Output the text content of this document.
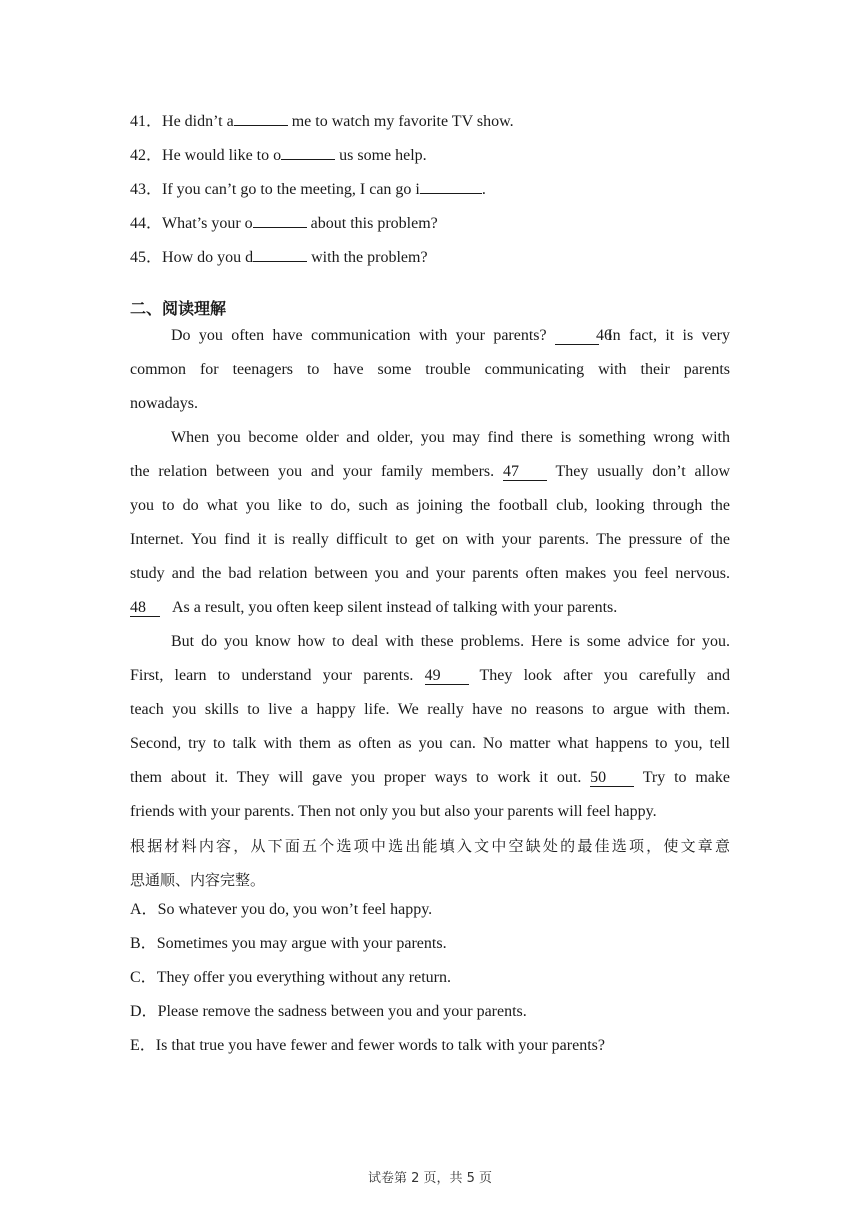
41．He didn’t a	me to watch my favorite TV show.
42．He would like to o	us some help.
43．If you can’t go to the meeting, I can go i	.
44．What’s your o	about this problem?
45．How do you d	with the problem?
二、阅读理解
Do you often have communication with your parents?	46 In fact, it is very
common for teenagers to have some trouble communicating with their parents
nowadays.
When you become older and older, you may find there is something wrong with
the relation between you and your family members. 47 They usually don’t allow
you to do what you like to do, such as joining the football club, looking through the
Internet. You find it is really difficult to get on with your parents. The pressure of the
study and the bad relation between you and your parents often makes you feel nervous.
48 As a result, you often keep silent instead of talking with your parents.
But do you know how to deal with these problems. Here is some advice for you.
First, learn to understand your parents. 49 They look after you carefully and
teach you skills to live a happy life. We really have no reasons to argue with them.
Second, try to talk with them as often as you can. No matter what happens to you, tell
them about it. They will gave you proper ways to work it out. 50 Try to make
friends with your parents. Then not only you but also your parents will feel happy.
根据材料内容，从下面五个选项中选出能填入文中空缺处的最佳选项，使文章意
思通顺、内容完整。
A．So whatever you do, you won’t feel happy.
B．Sometimes you may argue with your parents.
C．They offer you everything without any return.
D．Please remove the sadness between you and your parents.
E．Is that true you have fewer and fewer words to talk with your parents?
试卷第 2 页，共 5 页
